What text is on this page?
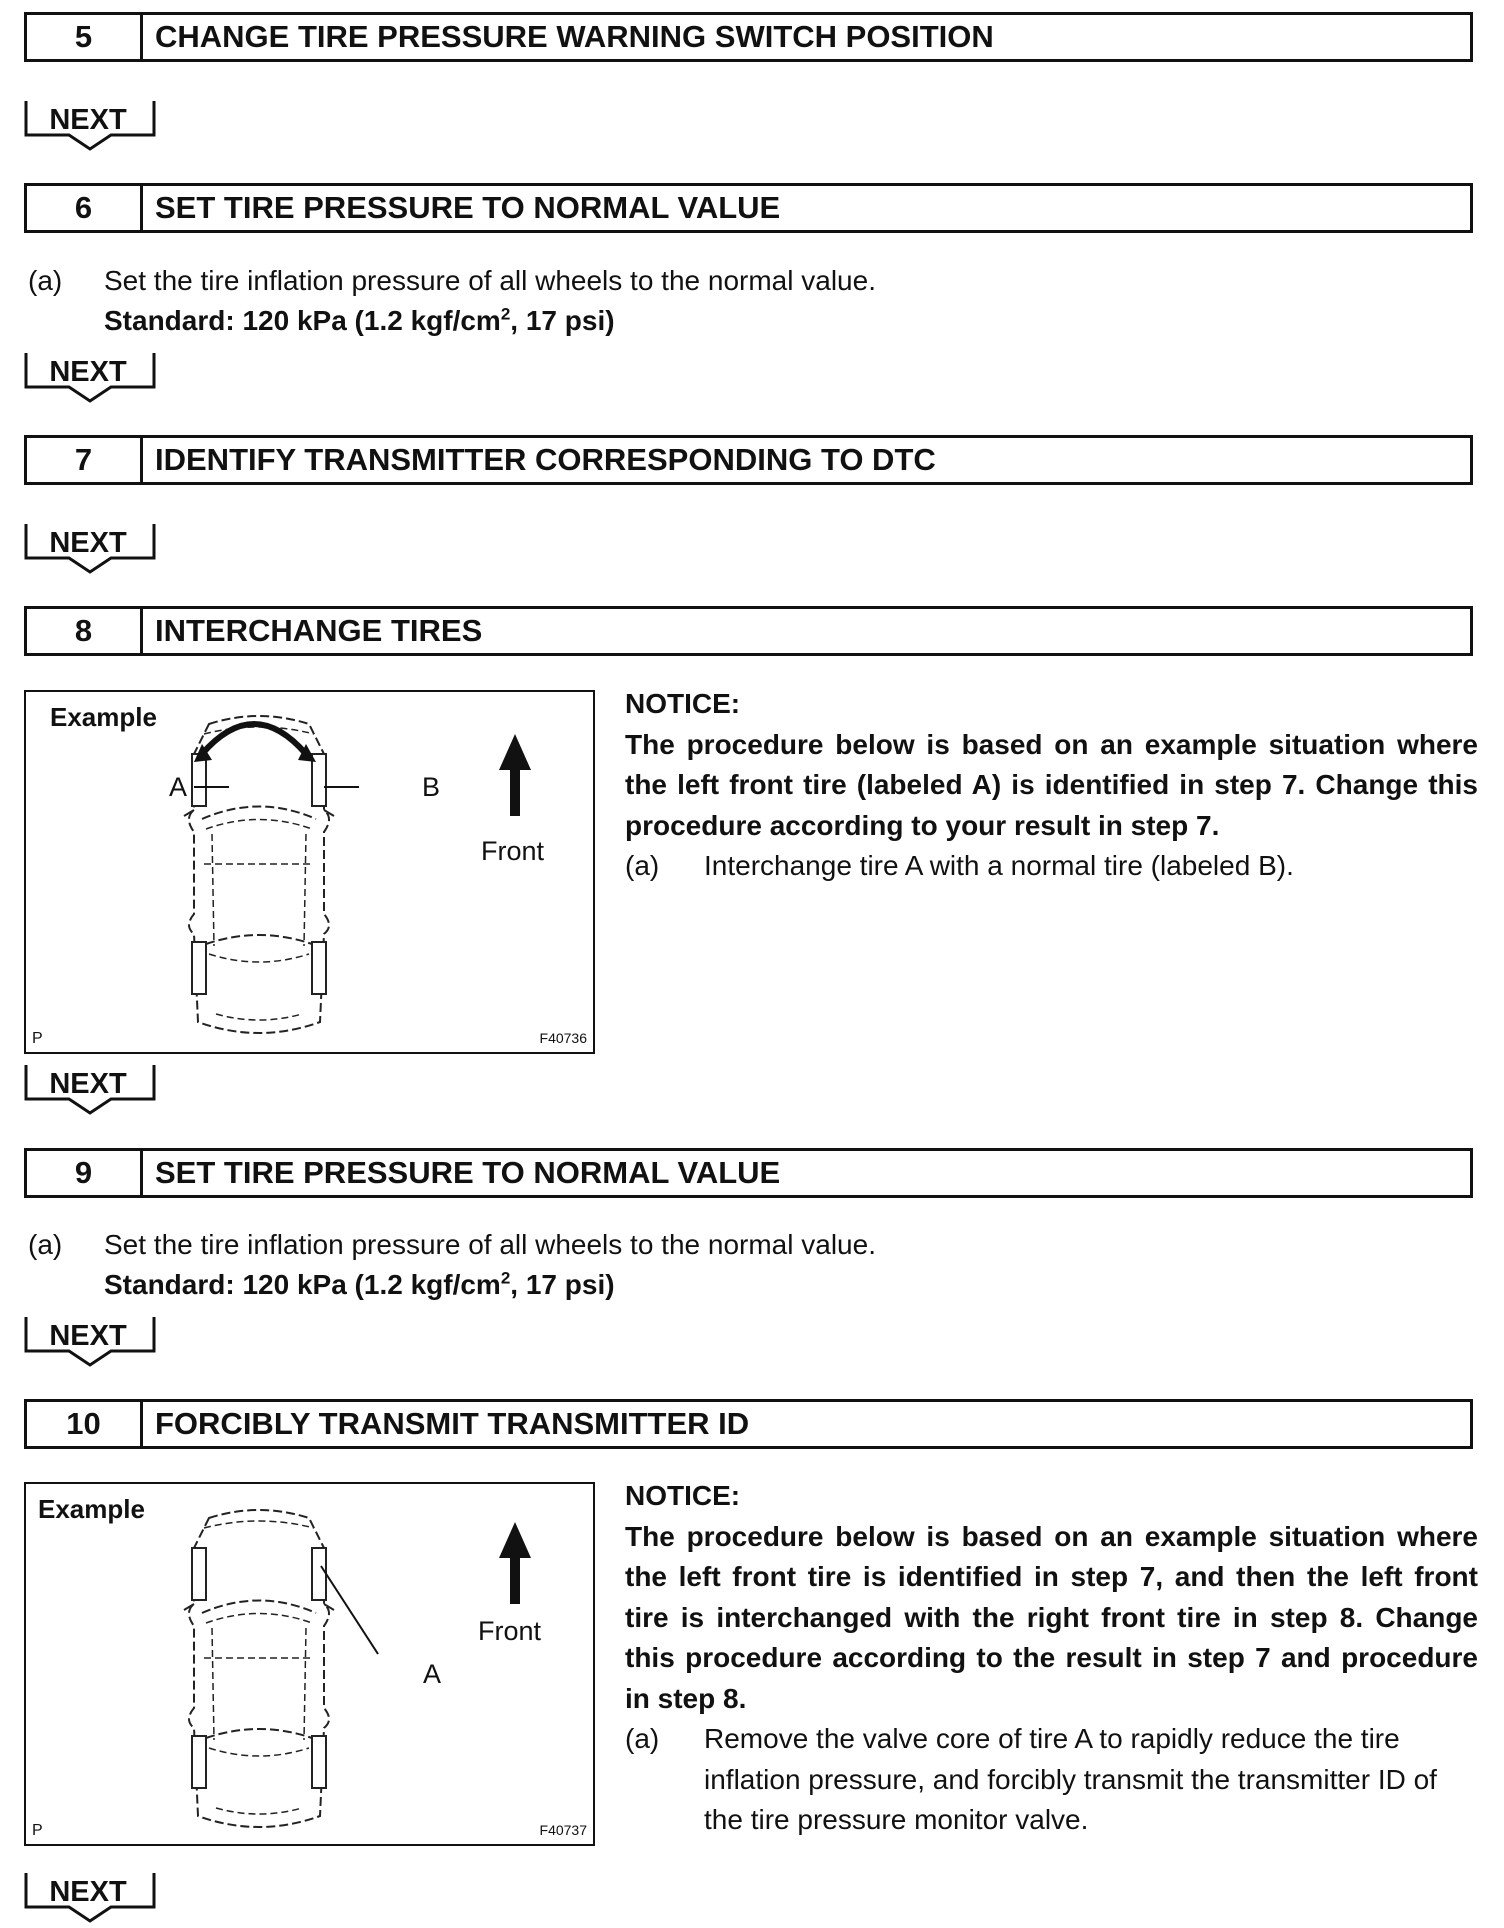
5	CHANGE TIRE PRESSURE WARNING SWITCH POSITION
NEXT
6	SET TIRE PRESSURE TO NORMAL VALUE
(a) Set the tire inflation pressure of all wheels to the normal value.
Standard: 120 kPa (1.2 kgf/$cm^2$, 17 psi)
NEXT
7	IDENTIFY TRANSMITTER CORRESPONDING TO DTC
NEXT
8	INTERCHANGE TIRES
Example
A	B
Front
P	F40736
NOTICE:
The procedure below is based on an example situation where the left front tire (labeled A) is identified in step 7. Change this procedure according to your result in step 7.
(a)	Interchange tire A with a normal tire (labeled B).
NEXT
9	SET TIRE PRESSURE TO NORMAL VALUE
(a) Set the tire inflation pressure of all wheels to the normal value.
Standard: 120 kPa (1.2 kgf/$cm^2$, 17 psi)
NEXT
10	FORCIBLY TRANSMIT TRANSMITTER ID
Example
A
Front
P	F40737
NOTICE:
The procedure below is based on an example situation where the left front tire is identified in step 7, and then the left front tire is interchanged with the right front tire in step 8. Change this procedure according to the result in step 7 and procedure in step 8.
(a)	Remove the valve core of tire A to rapidly reduce the tire inflation pressure, and forcibly transmit the transmitter ID of the tire pressure monitor valve.
NEXT
